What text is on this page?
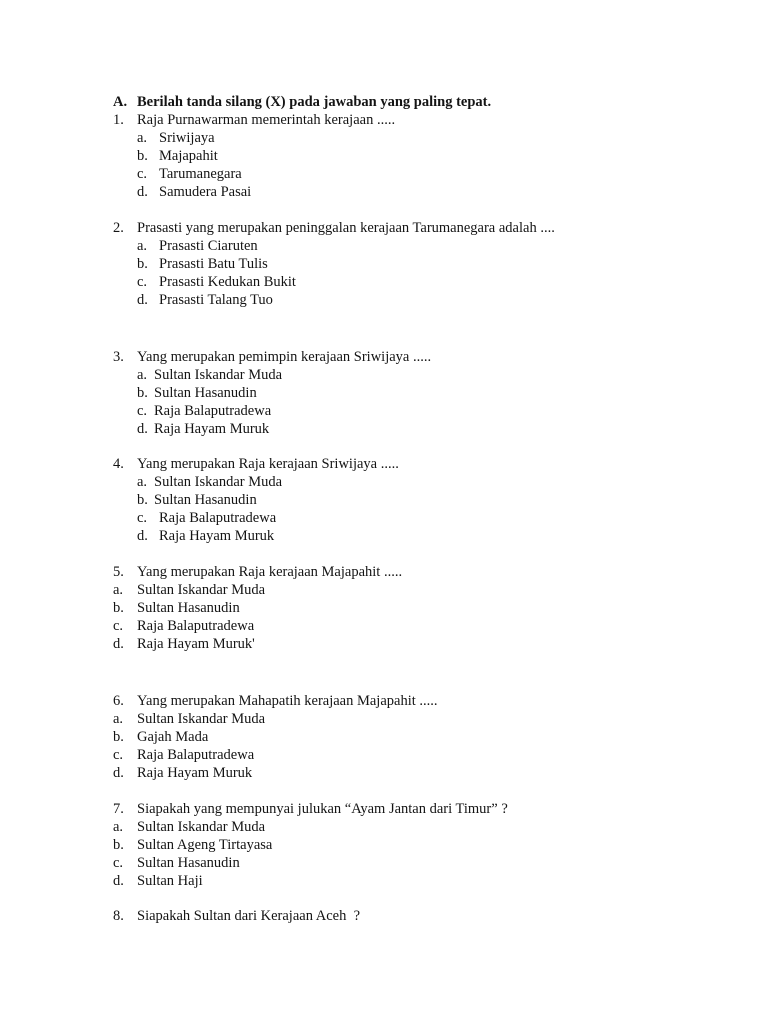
A. Berilah tanda silang (X) pada jawaban yang paling tepat.
1. Raja Purnawarman memerintah kerajaan .....
a. Sriwijaya
b. Majapahit
c. Tarumanegara
d. Samudera Pasai
2. Prasasti yang merupakan peninggalan kerajaan Tarumanegara adalah ....
a. Prasasti Ciaruten
b. Prasasti Batu Tulis
c. Prasasti Kedukan Bukit
d. Prasasti Talang Tuo
3. Yang merupakan pemimpin kerajaan Sriwijaya .....
a. Sultan Iskandar Muda
b. Sultan Hasanudin
c. Raja Balaputradewa
d. Raja Hayam Muruk
4. Yang merupakan Raja kerajaan Sriwijaya .....
a. Sultan Iskandar Muda
b. Sultan Hasanudin
c. Raja Balaputradewa
d. Raja Hayam Muruk
5. Yang merupakan Raja kerajaan Majapahit .....
a. Sultan Iskandar Muda
b. Sultan Hasanudin
c. Raja Balaputradewa
d. Raja Hayam Muruk'
6. Yang merupakan Mahapatih kerajaan Majapahit .....
a. Sultan Iskandar Muda
b. Gajah Mada
c. Raja Balaputradewa
d. Raja Hayam Muruk
7. Siapakah yang mempunyai julukan “Ayam Jantan dari Timur” ?
a. Sultan Iskandar Muda
b. Sultan Ageng Tirtayasa
c. Sultan Hasanudin
d. Sultan Haji
8. Siapakah Sultan dari Kerajaan Aceh  ?
